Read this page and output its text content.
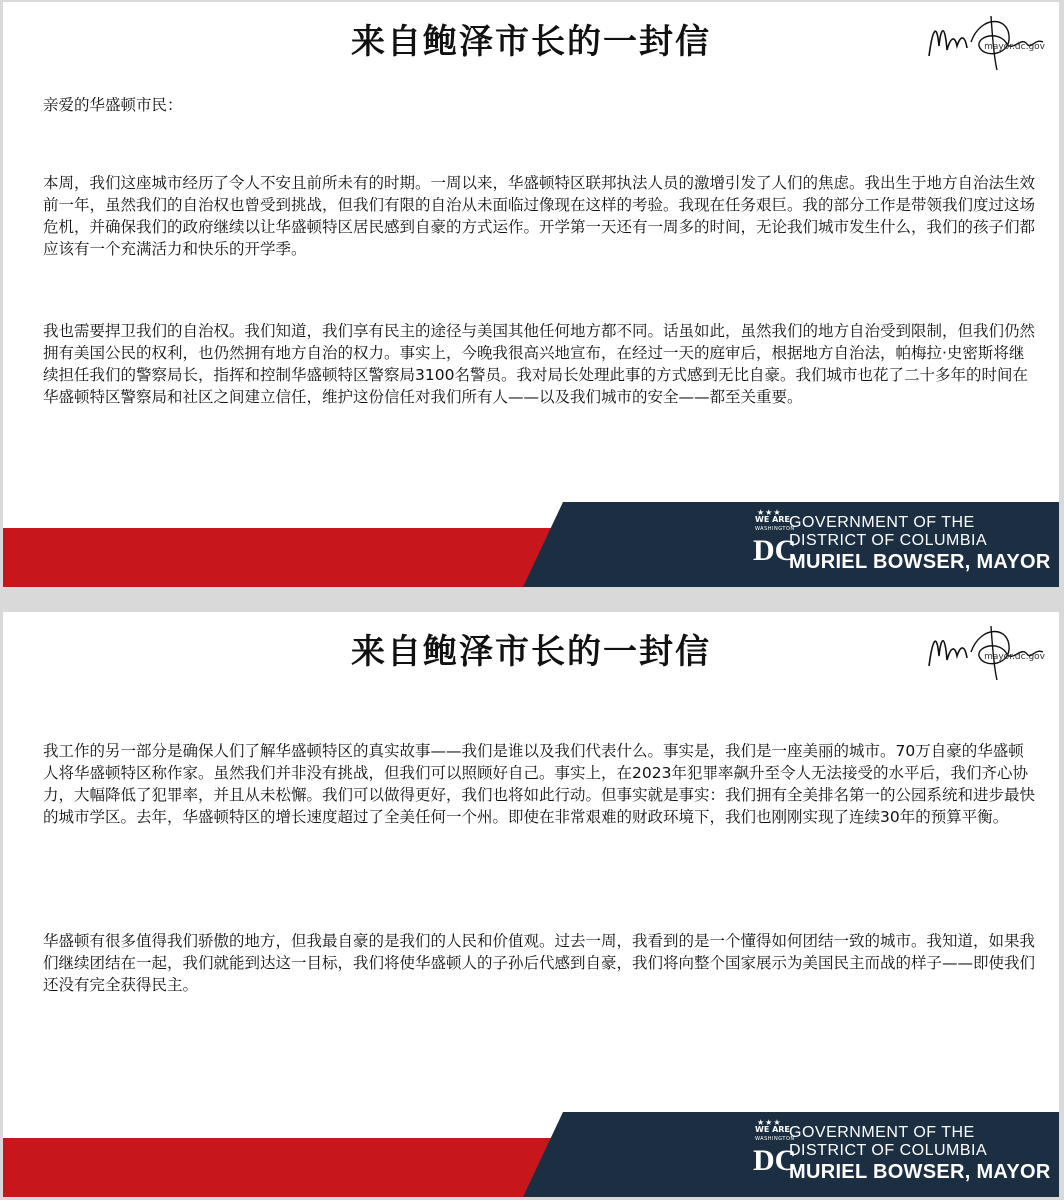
来自鲍泽市长的一封信	mayor.dc.gov
亲爱的华盛顿市民：
本周，我们这座城市经历了令人不安且前所未有的时期。一周以来，华盛顿特区联邦执法人员的激增引发了人们的焦虑。我出生于地方自治法生效前一年，虽然我们的自治权也曾受到挑战，但我们有限的自治从未面临过像现在这样的考验。我现在任务艰巨。我的部分工作是带领我们度过这场危机，并确保我们的政府继续以让华盛顿特区居民感到自豪的方式运作。开学第一天还有一周多的时间，无论我们城市发生什么，我们的孩子们都应该有一个充满活力和快乐的开学季。
我也需要捍卫我们的自治权。我们知道，我们享有民主的途径与美国其他任何地方都不同。话虽如此，虽然我们的地方自治受到限制，但我们仍然拥有美国公民的权利，也仍然拥有地方自治的权力。事实上，今晚我很高兴地宣布，在经过一天的庭审后，根据地方自治法，帕梅拉·史密斯将继续担任我们的警察局长，指挥和控制华盛顿特区警察局3100名警员。我对局长处理此事的方式感到无比自豪。我们城市也花了二十多年的时间在华盛顿特区警察局和社区之间建立信任，维护这份信任对我们所有人——以及我们城市的安全——都至关重要。
★★★
WE ARE
WASHINGTON
DC
GOVERNMENT OF THE
DISTRICT OF COLUMBIA
MURIEL BOWSER, MAYOR
来自鲍泽市长的一封信	mayor.dc.gov
我工作的另一部分是确保人们了解华盛顿特区的真实故事——我们是谁以及我们代表什么。事实是，我们是一座美丽的城市。70万自豪的华盛顿人将华盛顿特区称作家。虽然我们并非没有挑战，但我们可以照顾好自己。事实上，在2023年犯罪率飙升至令人无法接受的水平后，我们齐心协力，大幅降低了犯罪率，并且从未松懈。我们可以做得更好，我们也将如此行动。但事实就是事实：我们拥有全美排名第一的公园系统和进步最快的城市学区。去年，华盛顿特区的增长速度超过了全美任何一个州。即使在非常艰难的财政环境下，我们也刚刚实现了连续30年的预算平衡。
华盛顿有很多值得我们骄傲的地方，但我最自豪的是我们的人民和价值观。过去一周，我看到的是一个懂得如何团结一致的城市。我知道，如果我们继续团结在一起，我们就能到达这一目标，我们将使华盛顿人的子孙后代感到自豪，我们将向整个国家展示为美国民主而战的样子——即使我们还没有完全获得民主。
★★★
WE ARE
WASHINGTON
DC
GOVERNMENT OF THE
DISTRICT OF COLUMBIA
MURIEL BOWSER, MAYOR
